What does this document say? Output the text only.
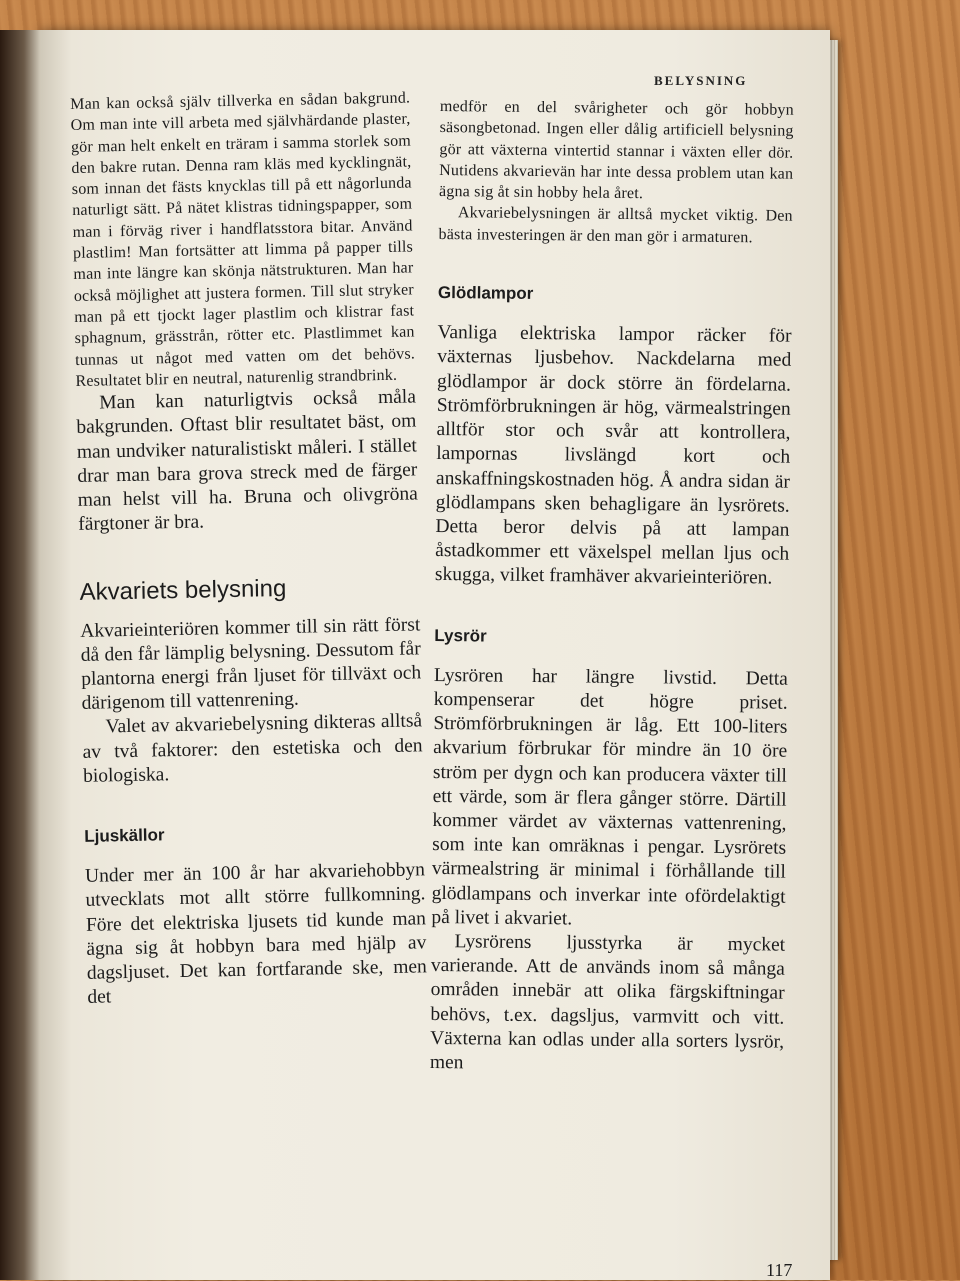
BELYSNING

Man kan också själv tillverka en sådan bakgrund. Om man inte vill arbeta med självhärdande plaster, gör man helt enkelt en träram i samma storlek som den bakre rutan. Denna ram kläs med kycklingnät, som innan det fästs knycklas till på ett någorlunda naturligt sätt. På nätet klistras tidningspapper, som man i förväg river i handflatsstora bitar. Använd plastlim! Man fortsätter att limma på papper tills man inte längre kan skönja nätstrukturen. Man har också möjlighet att justera formen. Till slut stryker man på ett tjockt lager plastlim och klistrar fast sphagnum, grässtrån, rötter etc. Plastlimmet kan tunnas ut något med vatten om det behövs. Resultatet blir en neutral, naturenlig strandbrink.

Man kan naturligtvis också måla bakgrunden. Oftast blir resultatet bäst, om man undviker naturalistiskt måleri. I stället drar man bara grova streck med de färger man helst vill ha. Bruna och olivgröna färgtoner är bra.

Akvariets belysning

Akvarieinteriören kommer till sin rätt först då den får lämplig belysning. Dessutom får plantorna energi från ljuset för tillväxt och därigenom till vattenrening.

Valet av akvariebelysning dikteras alltså av två faktorer: den estetiska och den biologiska.

Ljuskällor

Under mer än 100 år har akvariehobbyn utvecklats mot allt större fullkomning. Före det elektriska ljusets tid kunde man ägna sig åt hobbyn bara med hjälp av dagsljuset. Det kan fortfarande ske, men det

medför en del svårigheter och gör hobbyn säsongbetonad. Ingen eller dålig artificiell belysning gör att växterna vintertid stannar i växten eller dör. Nutidens akvarievän har inte dessa problem utan kan ägna sig åt sin hobby hela året.

Akvariebelysningen är alltså mycket viktig. Den bästa investeringen är den man gör i armaturen.

Glödlampor

Vanliga elektriska lampor räcker för växternas ljusbehov. Nackdelarna med glödlampor är dock större än fördelarna. Strömförbrukningen är hög, värmealstringen alltför stor och svår att kontrollera, lampornas livslängd kort och anskaffningskostnaden hög. Å andra sidan är glödlampans sken behagligare än lysrörets. Detta beror delvis på att lampan åstadkommer ett växelspel mellan ljus och skugga, vilket framhäver akvarieinteriören.

Lysrör

Lysrören har längre livstid. Detta kompenserar det högre priset. Strömförbrukningen är låg. Ett 100-liters akvarium förbrukar för mindre än 10 öre ström per dygn och kan producera växter till ett värde, som är flera gånger större. Därtill kommer värdet av växternas vattenrening, som inte kan omräknas i pengar. Lysrörets värmealstring är minimal i förhållande till glödlampans och inverkar inte ofördelaktigt på livet i akvariet.

Lysrörens ljusstyrka är mycket varierande. Att de används inom så många områden innebär att olika färgskiftningar behövs, t.ex. dagsljus, varmvitt och vitt. Växterna kan odlas under alla sorters lysrör, men

117
